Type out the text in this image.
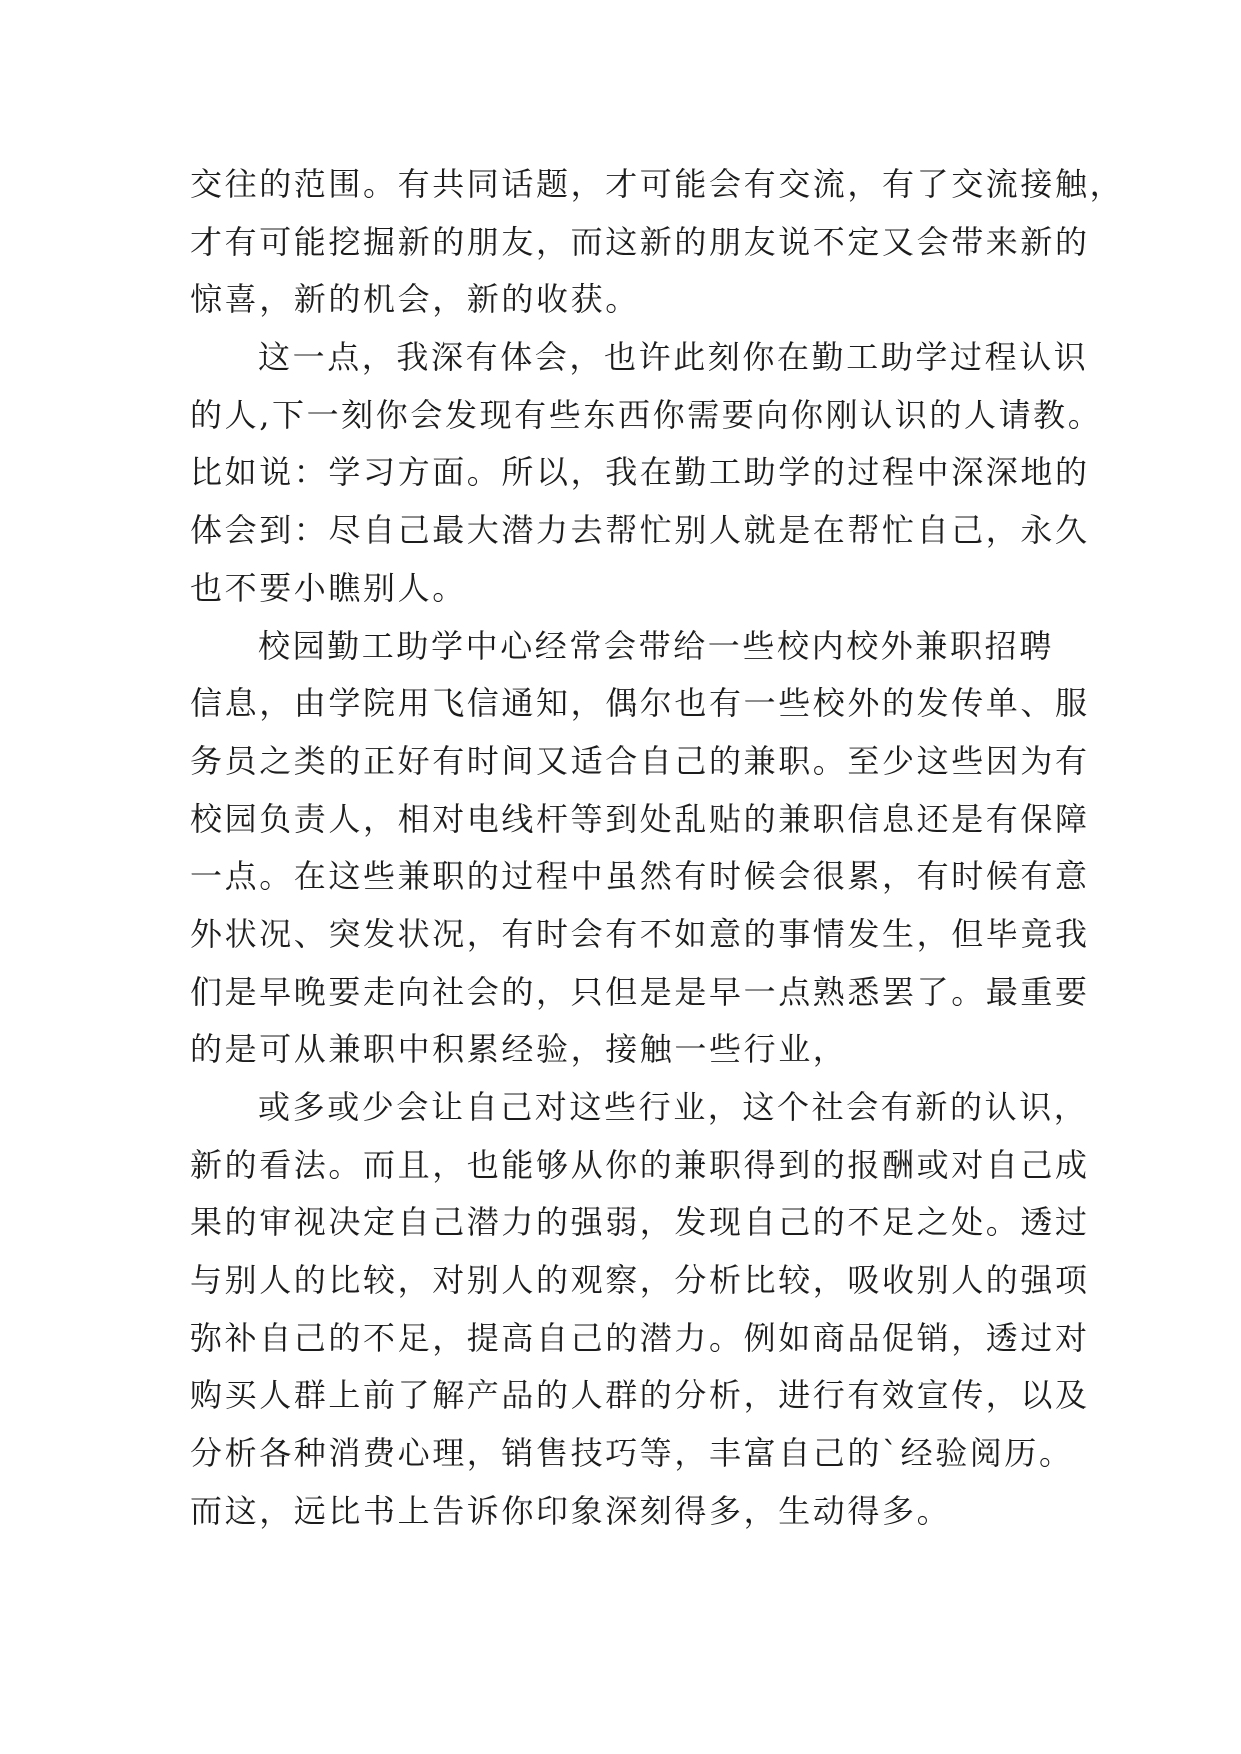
交往的范围。有共同话题，才可能会有交流，有了交流接触，
才有可能挖掘新的朋友，而这新的朋友说不定又会带来新的
惊喜，新的机会，新的收获。
这一点，我深有体会，也许此刻你在勤工助学过程认识
的人,下一刻你会发现有些东西你需要向你刚认识的人请教。
比如说：学习方面。所以，我在勤工助学的过程中深深地的
体会到：尽自己最大潜力去帮忙别人就是在帮忙自己，永久
也不要小瞧别人。
校园勤工助学中心经常会带给一些校内校外兼职招聘
信息，由学院用飞信通知，偶尔也有一些校外的发传单、服
务员之类的正好有时间又适合自己的兼职。至少这些因为有
校园负责人，相对电线杆等到处乱贴的兼职信息还是有保障
一点。在这些兼职的过程中虽然有时候会很累，有时候有意
外状况、突发状况，有时会有不如意的事情发生，但毕竟我
们是早晚要走向社会的，只但是是早一点熟悉罢了。最重要
的是可从兼职中积累经验，接触一些行业，
或多或少会让自己对这些行业，这个社会有新的认识，
新的看法。而且，也能够从你的兼职得到的报酬或对自己成
果的审视决定自己潜力的强弱，发现自己的不足之处。透过
与别人的比较，对别人的观察，分析比较，吸收别人的强项
弥补自己的不足，提高自己的潜力。例如商品促销，透过对
购买人群上前了解产品的人群的分析，进行有效宣传，以及
分析各种消费心理，销售技巧等，丰富自己的`经验阅历。
而这，远比书上告诉你印象深刻得多，生动得多。
